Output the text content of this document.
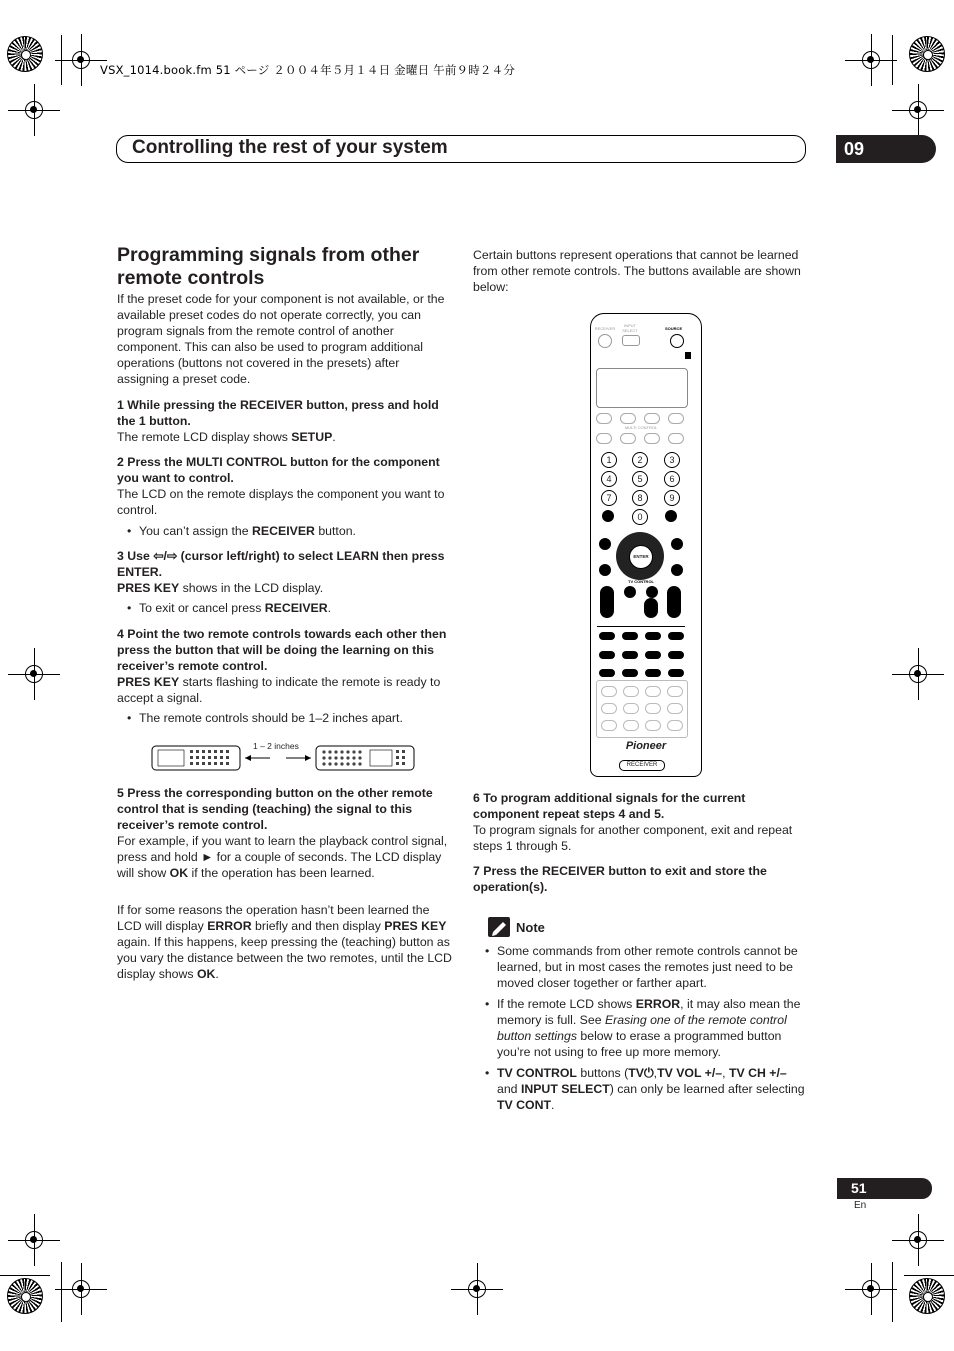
VSX_1014.book.fm 51 ページ ２００４年５月１４日 金曜日 午前９時２４分
Controlling the rest of your system	09
Programming signals from other
remote controls
If the preset code for your component is not available, or the available preset codes do not operate correctly, you can program signals from the remote control of another component. This can also be used to program additional operations (buttons not covered in the presets) after assigning a preset code.
1 While pressing the RECEIVER button, press and hold the 1 button.
The remote LCD display shows SETUP.
2 Press the MULTI CONTROL button for the component you want to control.
The LCD on the remote displays the component you want to control.
• You can’t assign the RECEIVER button.
3 Use ⇦/⇨ (cursor left/right) to select LEARN then press ENTER.
PRES KEY shows in the LCD display.
• To exit or cancel press RECEIVER.
4 Point the two remote controls towards each other then press the button that will be doing the learning on this receiver’s remote control.
PRES KEY starts flashing to indicate the remote is ready to accept a signal.
• The remote controls should be 1–2 inches apart.
1 – 2 inches
5 Press the corresponding button on the other remote control that is sending (teaching) the signal to this receiver’s remote control.
For example, if you want to learn the playback control signal, press and hold ► for a couple of seconds. The LCD display will show OK if the operation has been learned.
If for some reasons the operation hasn’t been learned the LCD will display ERROR briefly and then display PRES KEY again. If this happens, keep pressing the (teaching) button as you vary the distance between the two remotes, until the LCD display shows OK.
Certain buttons represent operations that cannot be learned from other remote controls. The buttons available are shown below:
RECEIVER
INPUT SELECT	SOURCE
MULTI CONTROL
1	2	3
4	5	6
7	8	9
0
ENTER
TV CONTROL
Pioneer
RECEIVER
6 To program additional signals for the current component repeat steps 4 and 5.
To program signals for another component, exit and repeat steps 1 through 5.
7 Press the RECEIVER button to exit and store the operation(s).
Note
• Some commands from other remote controls cannot be learned, but in most cases the remotes just need to be moved closer together or farther apart.
• If the remote LCD shows ERROR, it may also mean the memory is full. See Erasing one of the remote control button settings below to erase a programmed button you’re not using to free up more memory.
• TV CONTROL buttons (TV⏻,TV VOL +/–, TV CH +/– and INPUT SELECT) can only be learned after selecting TV CONT.
51
En
